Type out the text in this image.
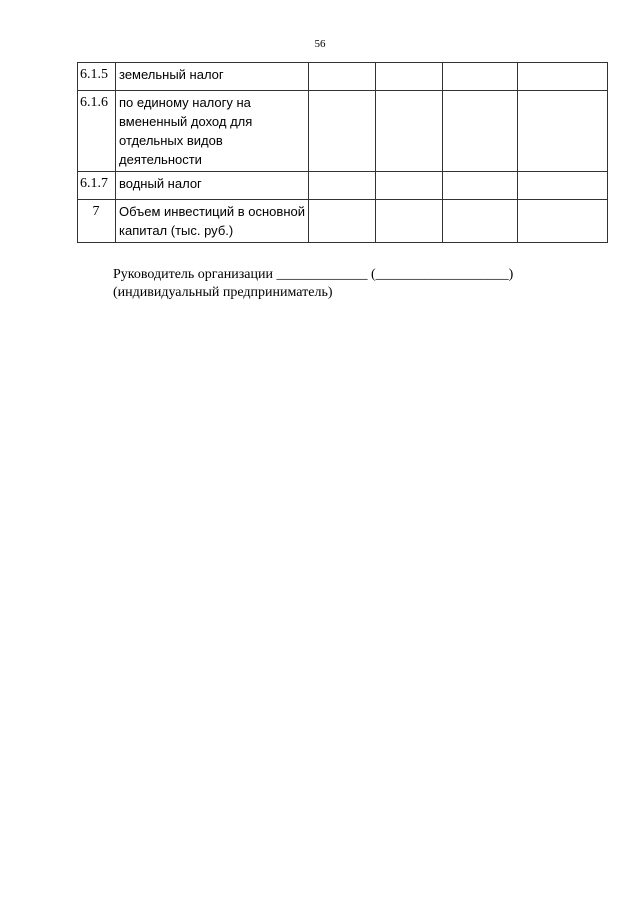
56
6.1.5	земельный налог				
6.1.6	по единому налогу на вмененный доход для отдельных видов деятельности				
6.1.7	водный налог				
7	Объем инвестиций в основной капитал (тыс. руб.)				
Руководитель организации _____________ (___________________)
(индивидуальный предприниматель)
